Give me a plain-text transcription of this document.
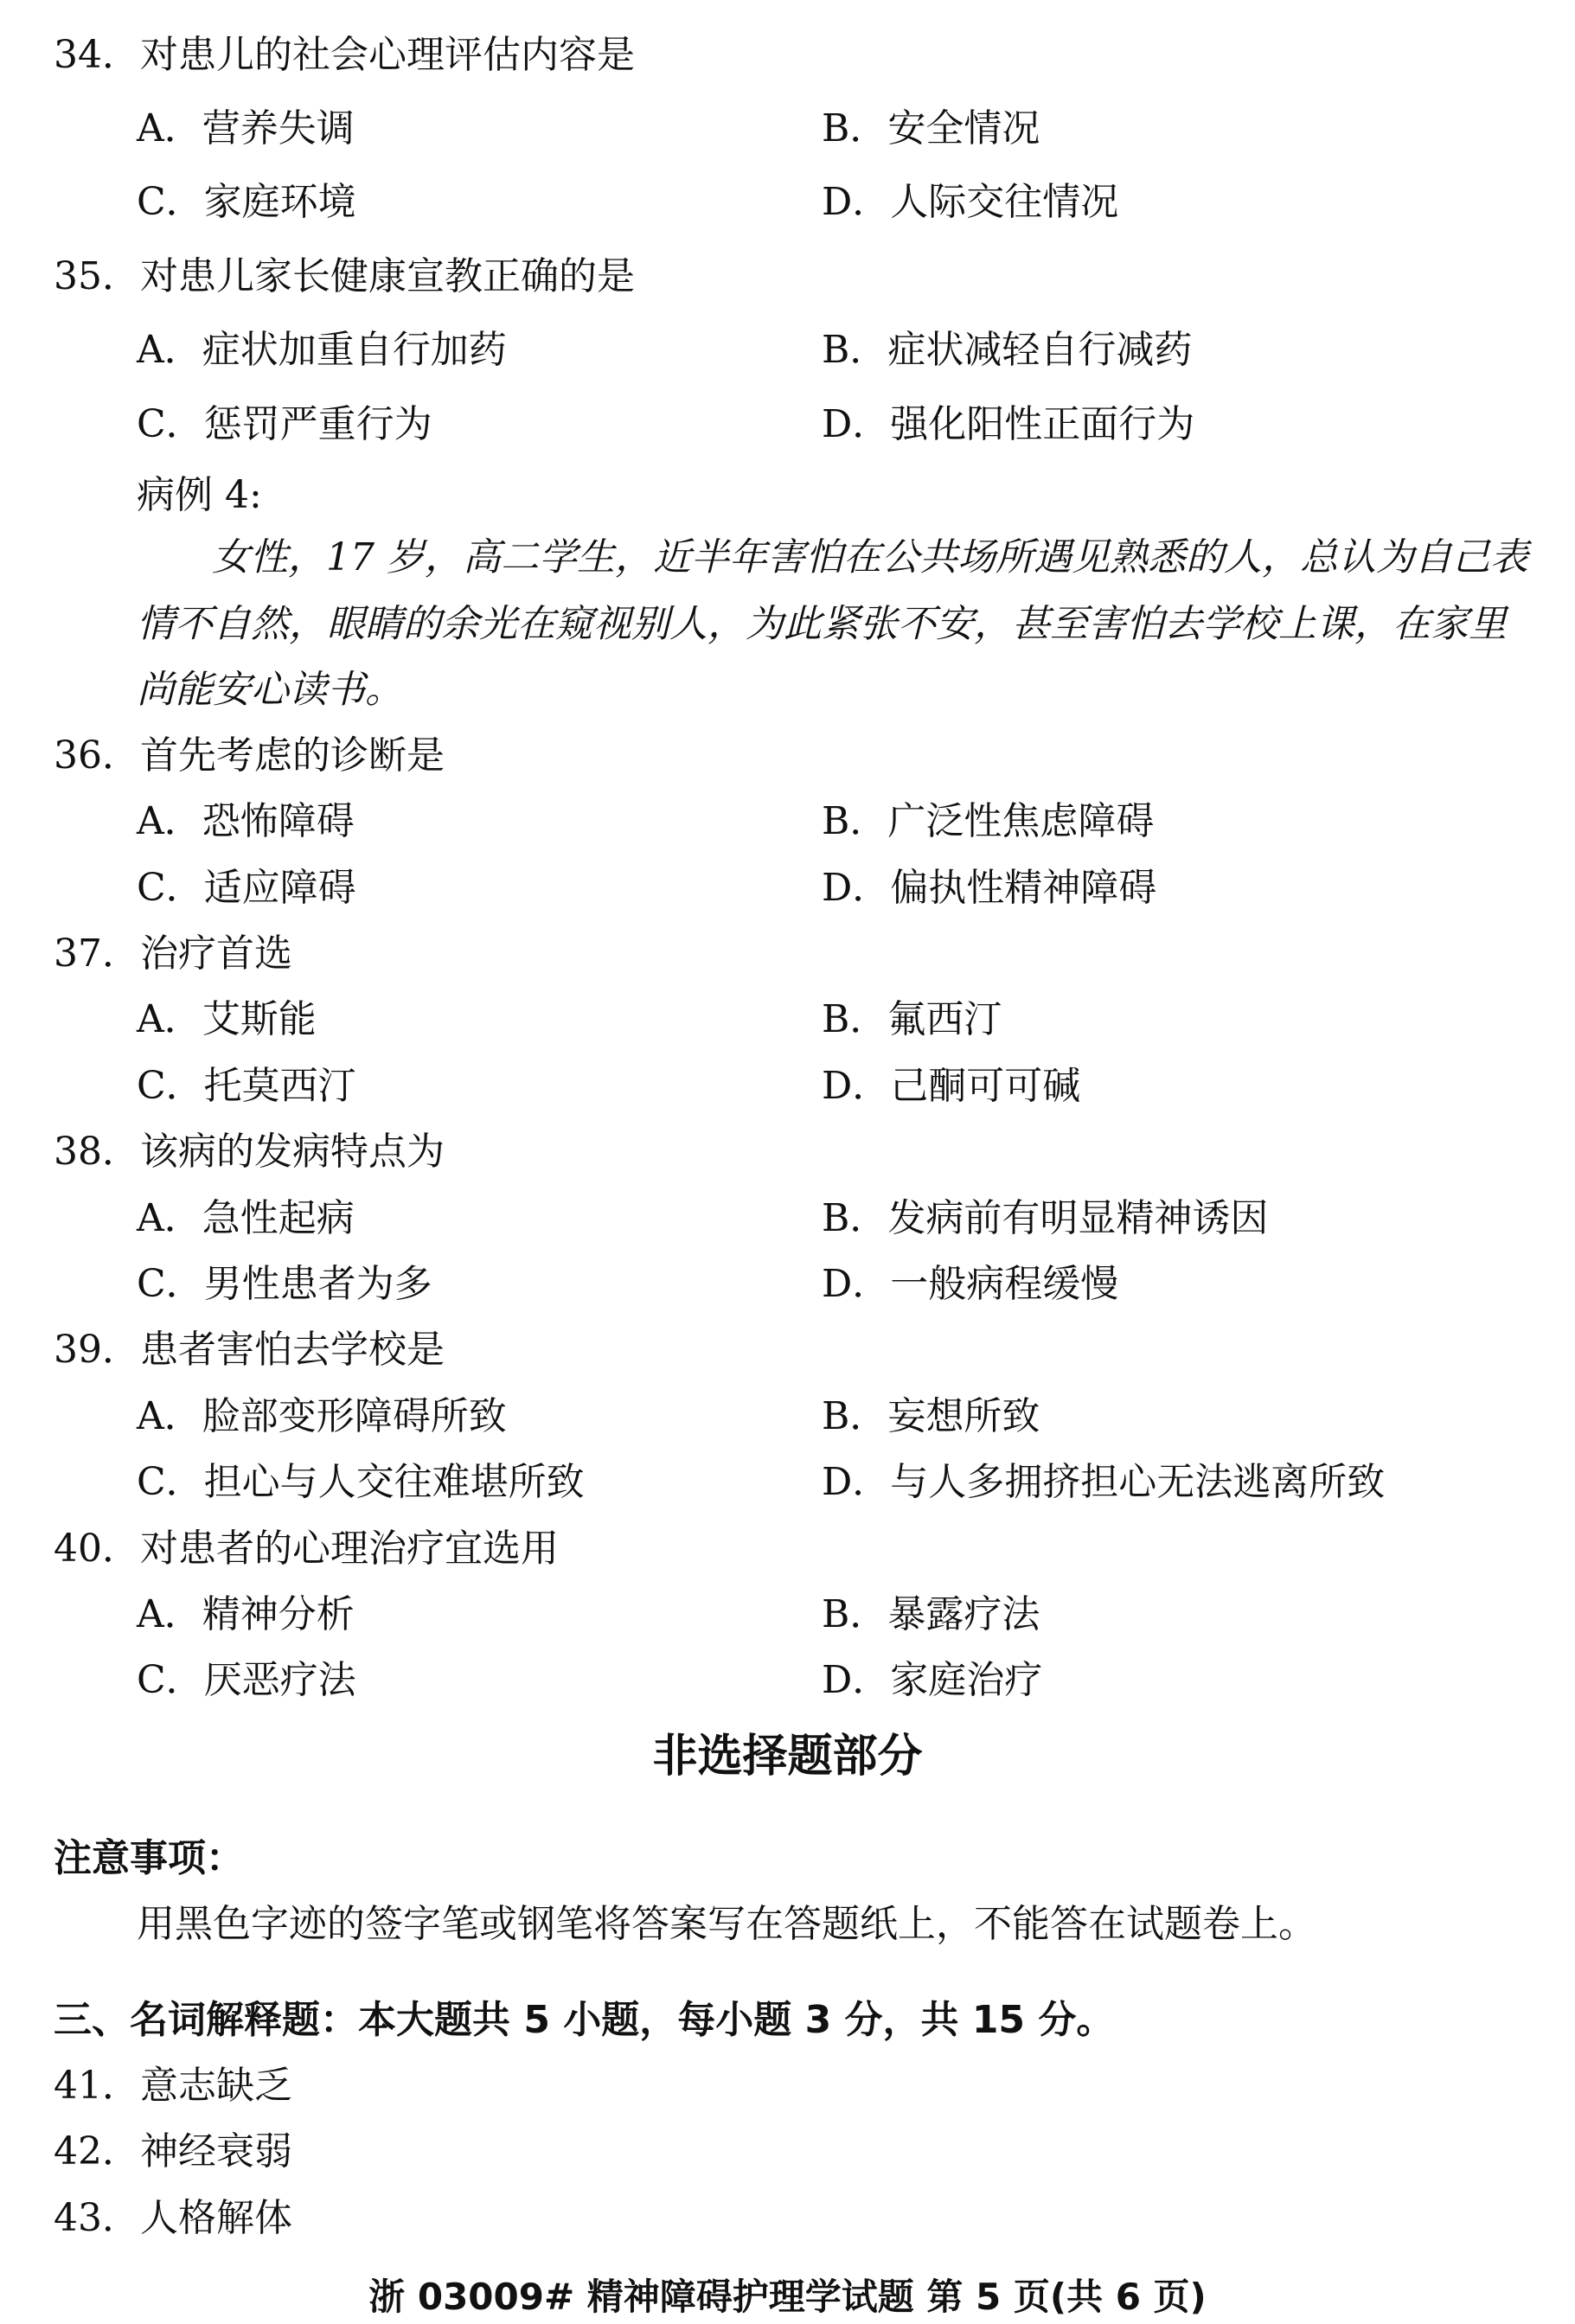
34．对患儿的社会心理评估内容是
A．营养失调	B．安全情况
C．家庭环境	D．人际交往情况
35．对患儿家长健康宣教正确的是
A．症状加重自行加药	B．症状减轻自行减药
C．惩罚严重行为	D．强化阳性正面行为
病例 4:
女性，17 岁，高二学生，近半年害怕在公共场所遇见熟悉的人，总认为自己表
情不自然，眼睛的余光在窥视别人，为此紧张不安，甚至害怕去学校上课，在家里
尚能安心读书。
36．首先考虑的诊断是
A．恐怖障碍	B．广泛性焦虑障碍
C．适应障碍	D．偏执性精神障碍
37．治疗首选
A．艾斯能	B．氟西汀
C．托莫西汀	D．己酮可可碱
38．该病的发病特点为
A．急性起病	B．发病前有明显精神诱因
C．男性患者为多	D．一般病程缓慢
39．患者害怕去学校是
A．脸部变形障碍所致	B．妄想所致
C．担心与人交往难堪所致	D．与人多拥挤担心无法逃离所致
40．对患者的心理治疗宜选用
A．精神分析	B．暴露疗法
C．厌恶疗法	D．家庭治疗
非选择题部分
注意事项：
用黑色字迹的签字笔或钢笔将答案写在答题纸上，不能答在试题卷上。
三、名词解释题：本大题共 5 小题，每小题 3 分，共 15 分。
41．意志缺乏
42．神经衰弱
43．人格解体
浙 03009# 精神障碍护理学试题 第 5 页(共 6 页)
